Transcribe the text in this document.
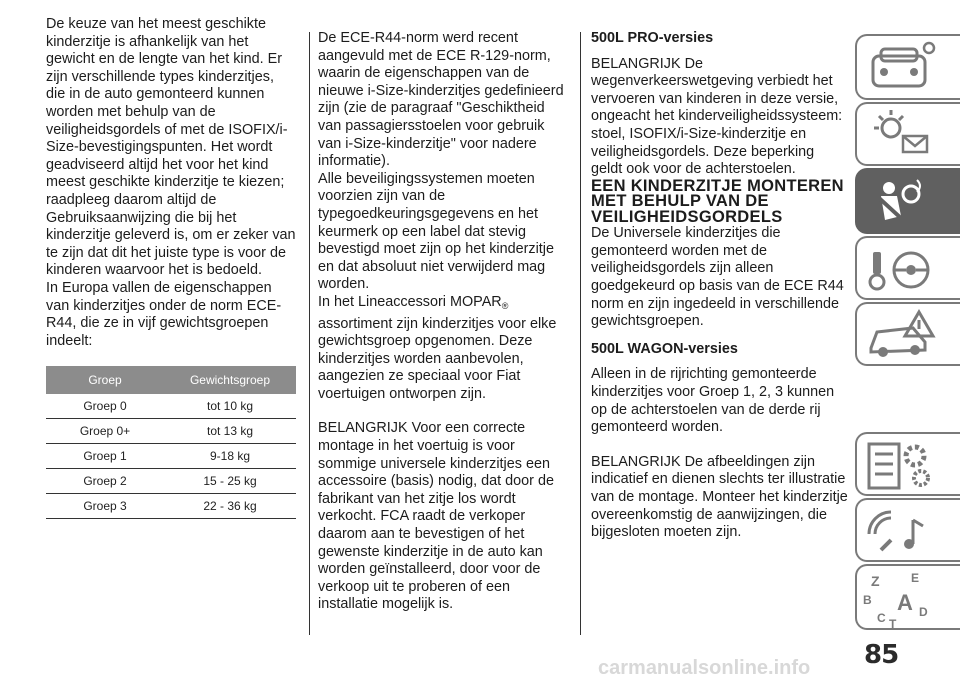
De keuze van het meest geschikte kinderzitje is afhankelijk van het gewicht en de lengte van het kind. Er zijn verschillende types kinderzitjes, die in de auto gemonteerd kunnen worden met behulp van de veiligheidsgordels of met de ISOFIX/i-Size-bevestigingspunten. Het wordt geadviseerd altijd het voor het kind meest geschikte kinderzitje te kiezen; raadpleeg daarom altijd de Gebruiksaanwijzing die bij het kinderzitje geleverd is, om er zeker van te zijn dat dit het juiste type is voor de kinderen waarvoor het is bedoeld.

In Europa vallen de eigenschappen van kinderzitjes onder de norm ECE-R44, die ze in vijf gewichtsgroepen indeelt:

Groep	Gewichtsgroep
Groep 0	tot 10 kg
Groep 0+	tot 13 kg
Groep 1	9-18 kg
Groep 2	15 - 25 kg
Groep 3	22 - 36 kg

De ECE-R44-norm werd recent aangevuld met de ECE R-129-norm, waarin de eigenschappen van de nieuwe i-Size-kinderzitjes gedefinieerd zijn (zie de paragraaf "Geschiktheid van passagiersstoelen voor gebruik van i-Size-kinderzitje" voor nadere informatie).

Alle beveiligingssystemen moeten voorzien zijn van de typegoedkeuringsgegevens en het keurmerk op een label dat stevig bevestigd moet zijn op het kinderzitje en dat absoluut niet verwijderd mag worden.

In het Lineaccessori $MOPAR_®$
assortiment zijn kinderzitjes voor elke gewichtsgroep opgenomen. Deze kinderzitjes worden aanbevolen, aangezien ze speciaal voor Fiat voertuigen ontworpen zijn.

BELANGRIJK Voor een correcte montage in het voertuig is voor sommige universele kinderzitjes een accessoire (basis) nodig, dat door de fabrikant van het zitje los wordt verkocht. FCA raadt de verkoper daarom aan te bevestigen of het gewenste kinderzitje in de auto kan worden geïnstalleerd, door voor de verkoop uit te proberen of een installatie mogelijk is.

500L PRO-versies

BELANGRIJK De wegenverkeerswetgeving verbiedt het vervoeren van kinderen in deze versie, ongeacht het kinderveiligheidssysteem: stoel, ISOFIX/i-Size-kinderzitje en veiligheidsgordels. Deze beperking geldt ook voor de achterstoelen.

EEN KINDERZITJE MONTEREN MET BEHULP VAN DE VEILIGHEIDSGORDELS

De Universele kinderzitjes die gemonteerd worden met de veiligheidsgordels zijn alleen goedgekeurd op basis van de ECE R44 norm en zijn ingedeeld in verschillende gewichtsgroepen.

500L WAGON-versies

Alleen in de rijrichting gemonteerde kinderzitjes voor Groep 1, 2, 3 kunnen op de achterstoelen van de derde rij gemonteerd worden.

BELANGRIJK De afbeeldingen zijn indicatief en dienen slechts ter illustratie van de montage. Monteer het kinderzitje overeenkomstig de aanwijzingen, die bijgesloten moeten zijn.

Z	E
B A
C T
D
85
carmanualsonline.info
